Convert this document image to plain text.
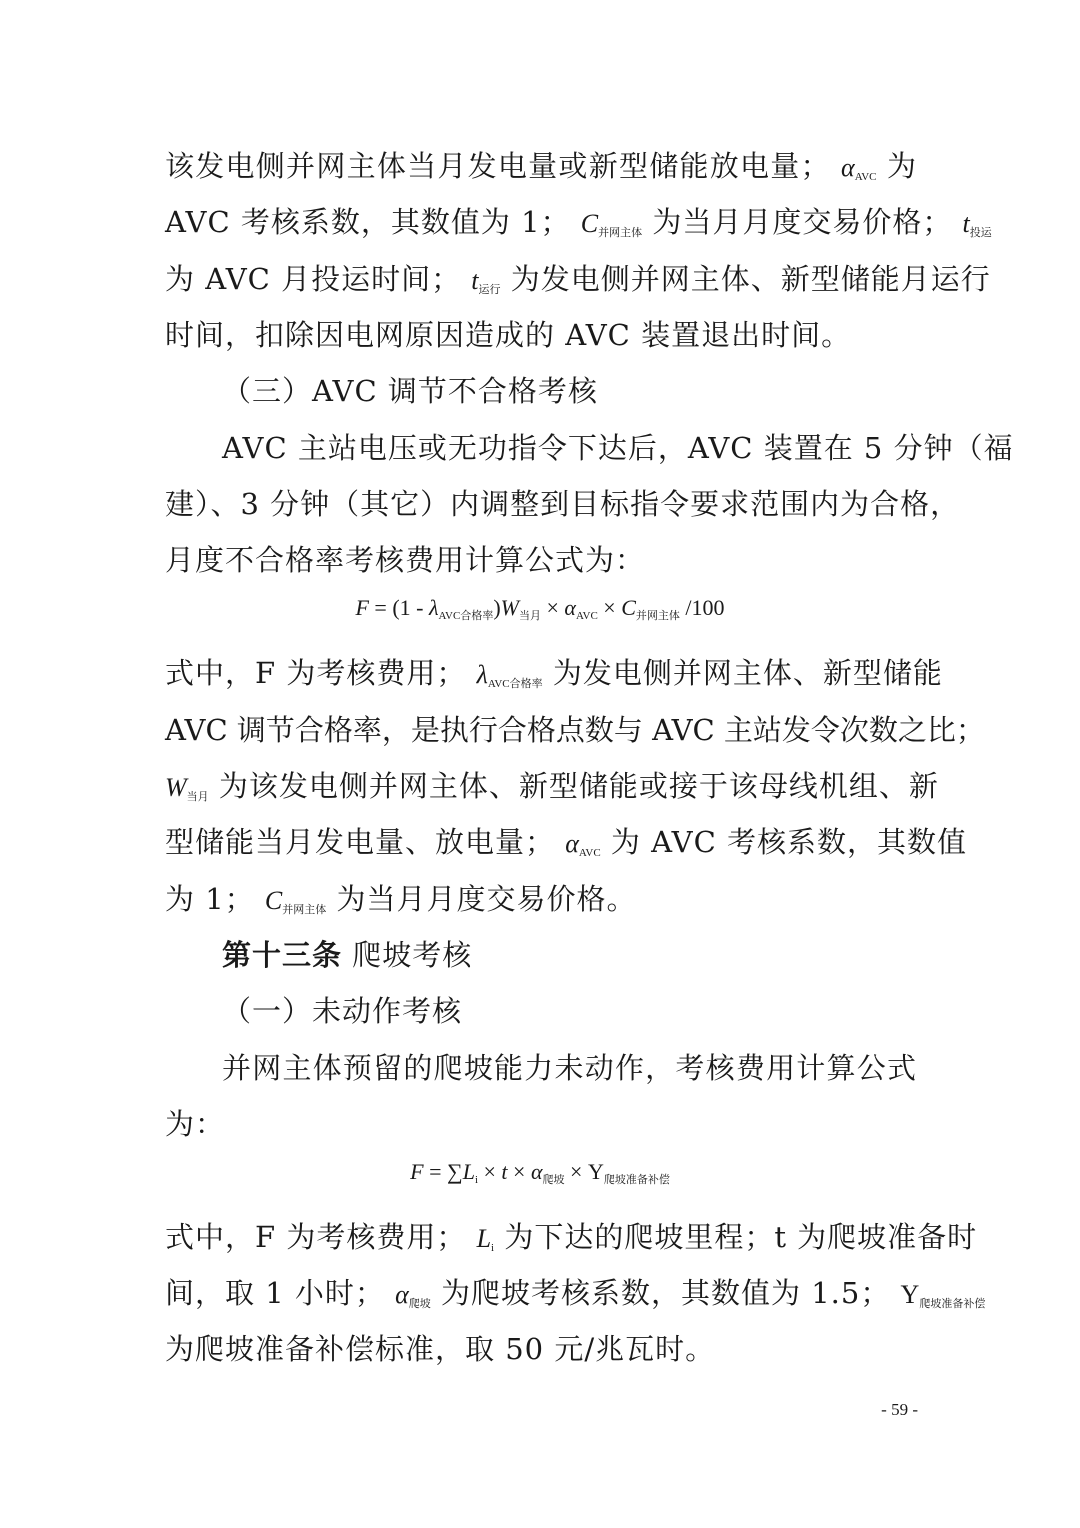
该发电侧并网主体当月发电量或新型储能放电量； $\alpha_{AVC}$ 为
AVC 考核系数，其数值为 1； $C_{并网主体}$ 为当月月度交易价格； $t_{投运}$
为 AVC 月投运时间； $t_{运行}$ 为发电侧并网主体、新型储能月运行
时间，扣除因电网原因造成的 AVC 装置退出时间。
（三）AVC 调节不合格考核
AVC 主站电压或无功指令下达后，AVC 装置在 5 分钟（福
建）、3 分钟（其它）内调整到目标指令要求范围内为合格，
月度不合格率考核费用计算公式为：
$F = (1 - \lambda_{AVC合格率})W_{当月} \times \alpha_{AVC} \times C_{并网主体}$ /100
式中，F 为考核费用； $\lambda_{AVC合格率}$ 为发电侧并网主体、新型储能
AVC 调节合格率，是执行合格点数与 AVC 主站发令次数之比；
$W_{当月}$ 为该发电侧并网主体、新型储能或接于该母线机组、新
型储能当月发电量、放电量； $\alpha_{AVC}$ 为 AVC 考核系数，其数值
为 1； $C_{并网主体}$ 为当月月度交易价格。
第十三条 爬坡考核
（一）未动作考核
并网主体预留的爬坡能力未动作，考核费用计算公式
为：
$F = \sum L_i \times t \times \alpha_{爬坡} \times Y_{爬坡准备补偿}$
式中，F 为考核费用； $L_i$ 为下达的爬坡里程；t 为爬坡准备时
间，取 1 小时； $\alpha_{爬坡}$ 为爬坡考核系数，其数值为 1.5； $Y_{爬坡准备补偿}$
为爬坡准备补偿标准，取 50 元/兆瓦时。
- 59 -
